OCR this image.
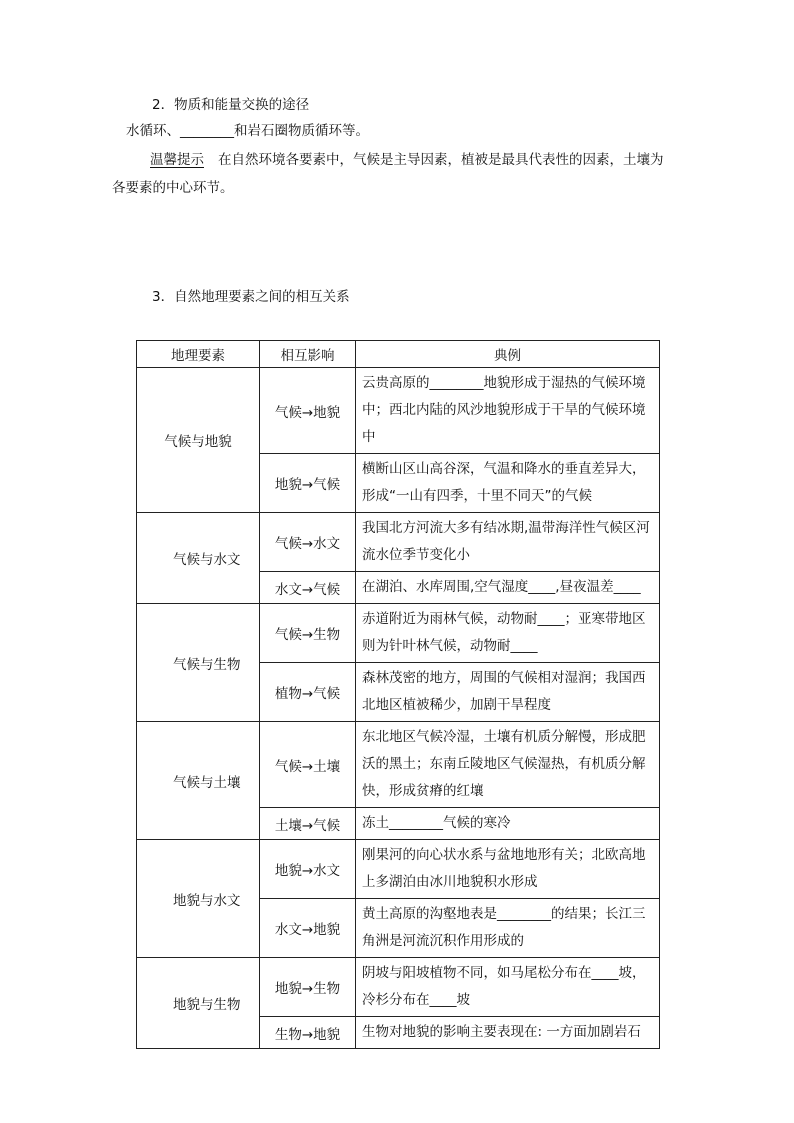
2．物质和能量交换的途径
水循环、________和岩石圈物质循环等。
温馨提示 在自然环境各要素中，气候是主导因素，植被是最具代表性的因素，土壤为
各要素的中心环节。
3．自然地理要素之间的相互关系
地理要素	相互影响	典例
气候与地貌	气候→地貌	云贵高原的________地貌形成于湿热的气候环境中；西北内陆的风沙地貌形成于干旱的气候环境中
	地貌→气候	横断山区山高谷深，气温和降水的垂直差异大，形成“一山有四季，十里不同天”的气候
气候与水文	气候→水文	我国北方河流大多有结冰期,温带海洋性气候区河流水位季节变化小
	水文→气候	在湖泊、水库周围,空气湿度____,昼夜温差____
气候与生物	气候→生物	赤道附近为雨林气候，动物耐____；亚寒带地区则为针叶林气候，动物耐____
	植物→气候	森林茂密的地方，周围的气候相对湿润；我国西北地区植被稀少，加剧干旱程度
气候与土壤	气候→土壤	东北地区气候冷湿，土壤有机质分解慢，形成肥沃的黑土；东南丘陵地区气候湿热，有机质分解快，形成贫瘠的红壤
	土壤→气候	冻土________气候的寒冷
地貌与水文	地貌→水文	刚果河的向心状水系与盆地地形有关；北欧高地上多湖泊由冰川地貌积水形成
	水文→地貌	黄土高原的沟壑地表是________的结果；长江三角洲是河流沉积作用形成的
地貌与生物	地貌→生物	阴坡与阳坡植物不同，如马尾松分布在____坡，冷杉分布在____坡
	生物→地貌	生物对地貌的影响主要表现在: 一方面加剧岩石
